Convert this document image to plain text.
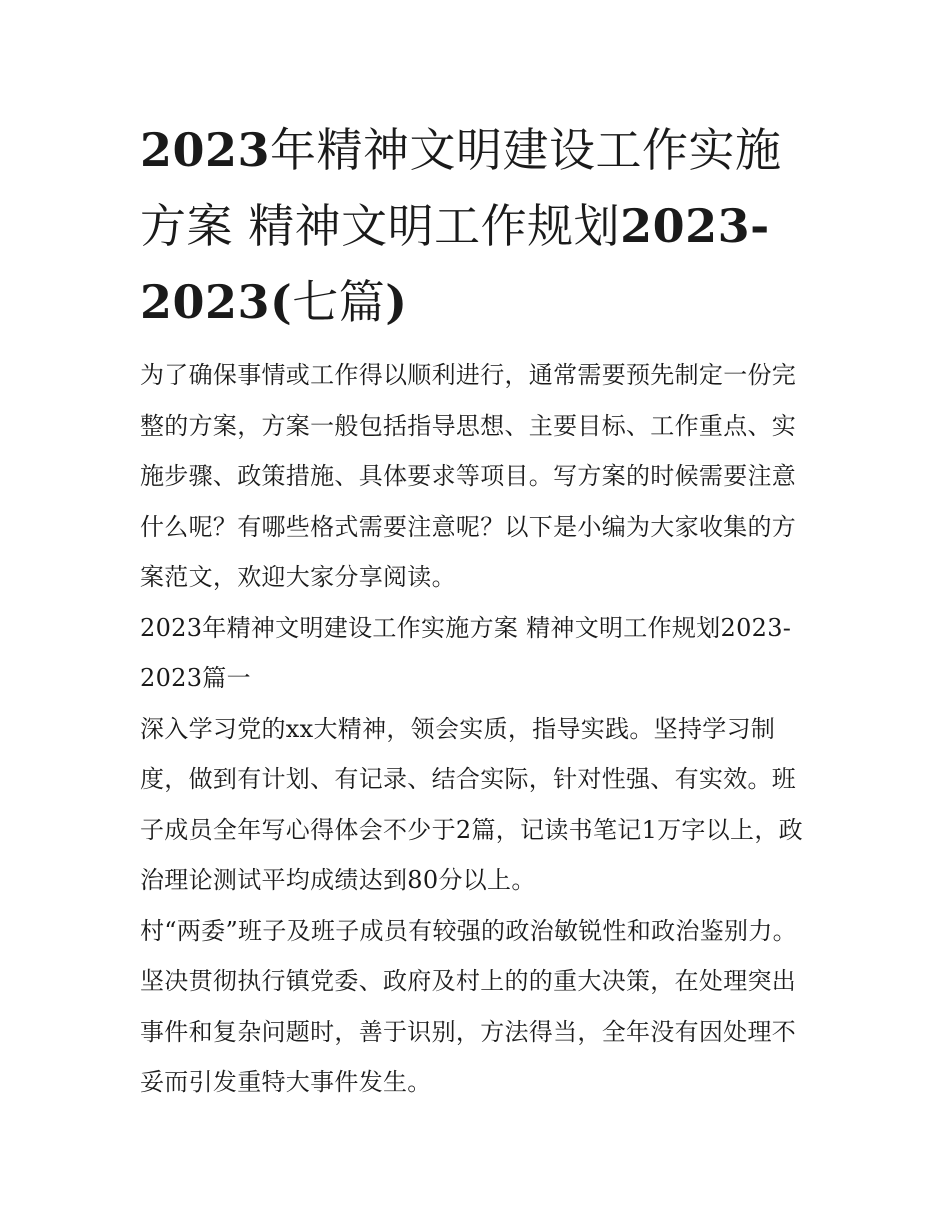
2023年精神文明建设工作实施方案 精神文明工作规划2023-2023(七篇)

为了确保事情或工作得以顺利进行，通常需要预先制定一份完整的方案，方案一般包括指导思想、主要目标、工作重点、实施步骤、政策措施、具体要求等项目。写方案的时候需要注意什么呢？有哪些格式需要注意呢？以下是小编为大家收集的方案范文，欢迎大家分享阅读。

2023年精神文明建设工作实施方案 精神文明工作规划2023-2023篇一

深入学习党的xx大精神，领会实质，指导实践。坚持学习制度，做到有计划、有记录、结合实际，针对性强、有实效。班子成员全年写心得体会不少于2篇，记读书笔记1万字以上，政治理论测试平均成绩达到80分以上。

村“两委”班子及班子成员有较强的政治敏锐性和政治鉴别力。坚决贯彻执行镇党委、政府及村上的的重大决策，在处理突出事件和复杂问题时，善于识别，方法得当，全年没有因处理不妥而引发重特大事件发生。
